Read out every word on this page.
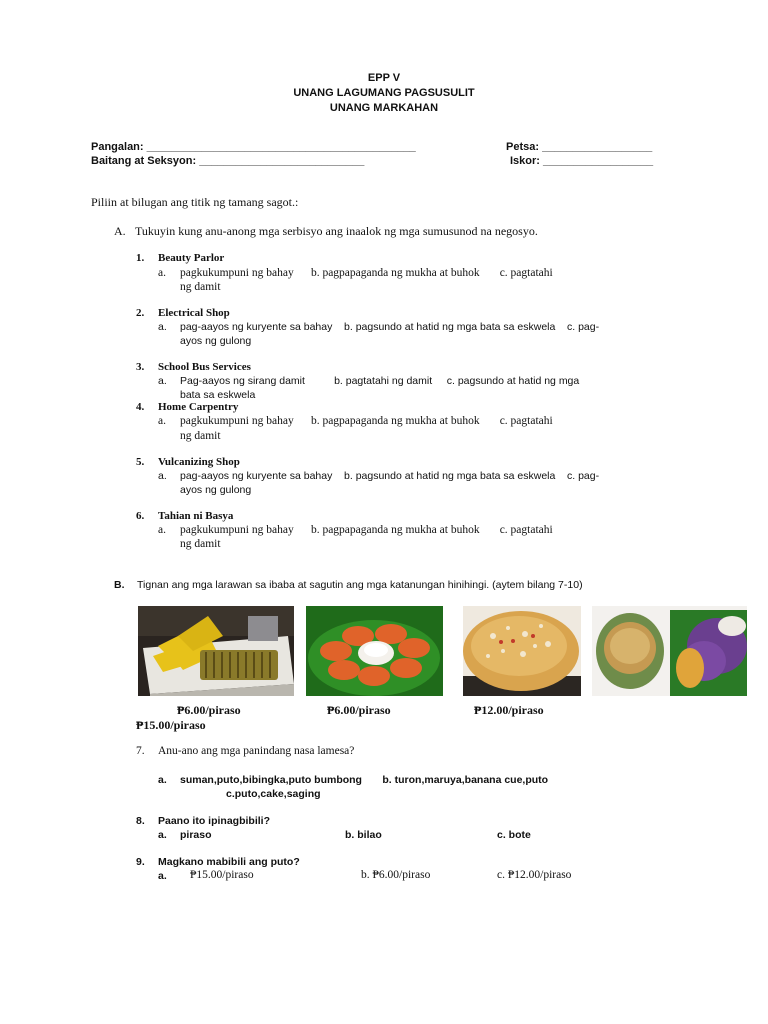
EPP V
UNANG LAGUMANG PAGSUSULIT
UNANG MARKAHAN
Pangalan: ____________________________________________
Baitang at Seksyon: ___________________________
Petsa: __________________
Iskor: __________________
Piliin at bilugan ang titik ng tamang sagot.:
A. Tukuyin kung anu-anong mga serbisyo ang inaalok ng mga sumusunod na negosyo.
1. Beauty Parlor
a. pagkukumpuni ng bahay      b. pagpapaganda ng mukha at buhok       c. pagtatahi
ng damit
2. Electrical Shop
a. pag-aayos ng kuryente sa bahay    b. pagsundo at hatid ng mga bata sa eskwela    c. pag-
ayos ng gulong
3. School Bus Services
a. Pag-aayos ng sirang damit          b. pagtatahi ng damit     c. pagsundo at hatid ng mga
bata sa eskwela
4. Home Carpentry
a. pagkukumpuni ng bahay      b. pagpapaganda ng mukha at buhok       c. pagtatahi
ng damit
5. Vulcanizing Shop
a. pag-aayos ng kuryente sa bahay    b. pagsundo at hatid ng mga bata sa eskwela    c. pag-
ayos ng gulong
6. Tahian ni Basya
a. pagkukumpuni ng bahay      b. pagpapaganda ng mukha at buhok       c. pagtatahi
ng damit
B. Tignan ang mga larawan sa ibaba at sagutin ang mga katanungan hinihingi. (aytem bilang 7-10)
₱6.00/piraso	₱6.00/piraso	₱12.00/piraso
₱15.00/piraso
7. Anu-ano ang mga panindang nasa lamesa?
a. suman,puto,bibingka,puto bumbong       b. turon,maruya,banana cue,puto
c.puto,cake,saging
8. Paano ito ipinagbibili?
a. piraso	b. bilao	c. bote
9. Magkano mabibili ang puto?
a. ₱15.00/piraso	b. ₱6.00/piraso	c. ₱12.00/piraso
